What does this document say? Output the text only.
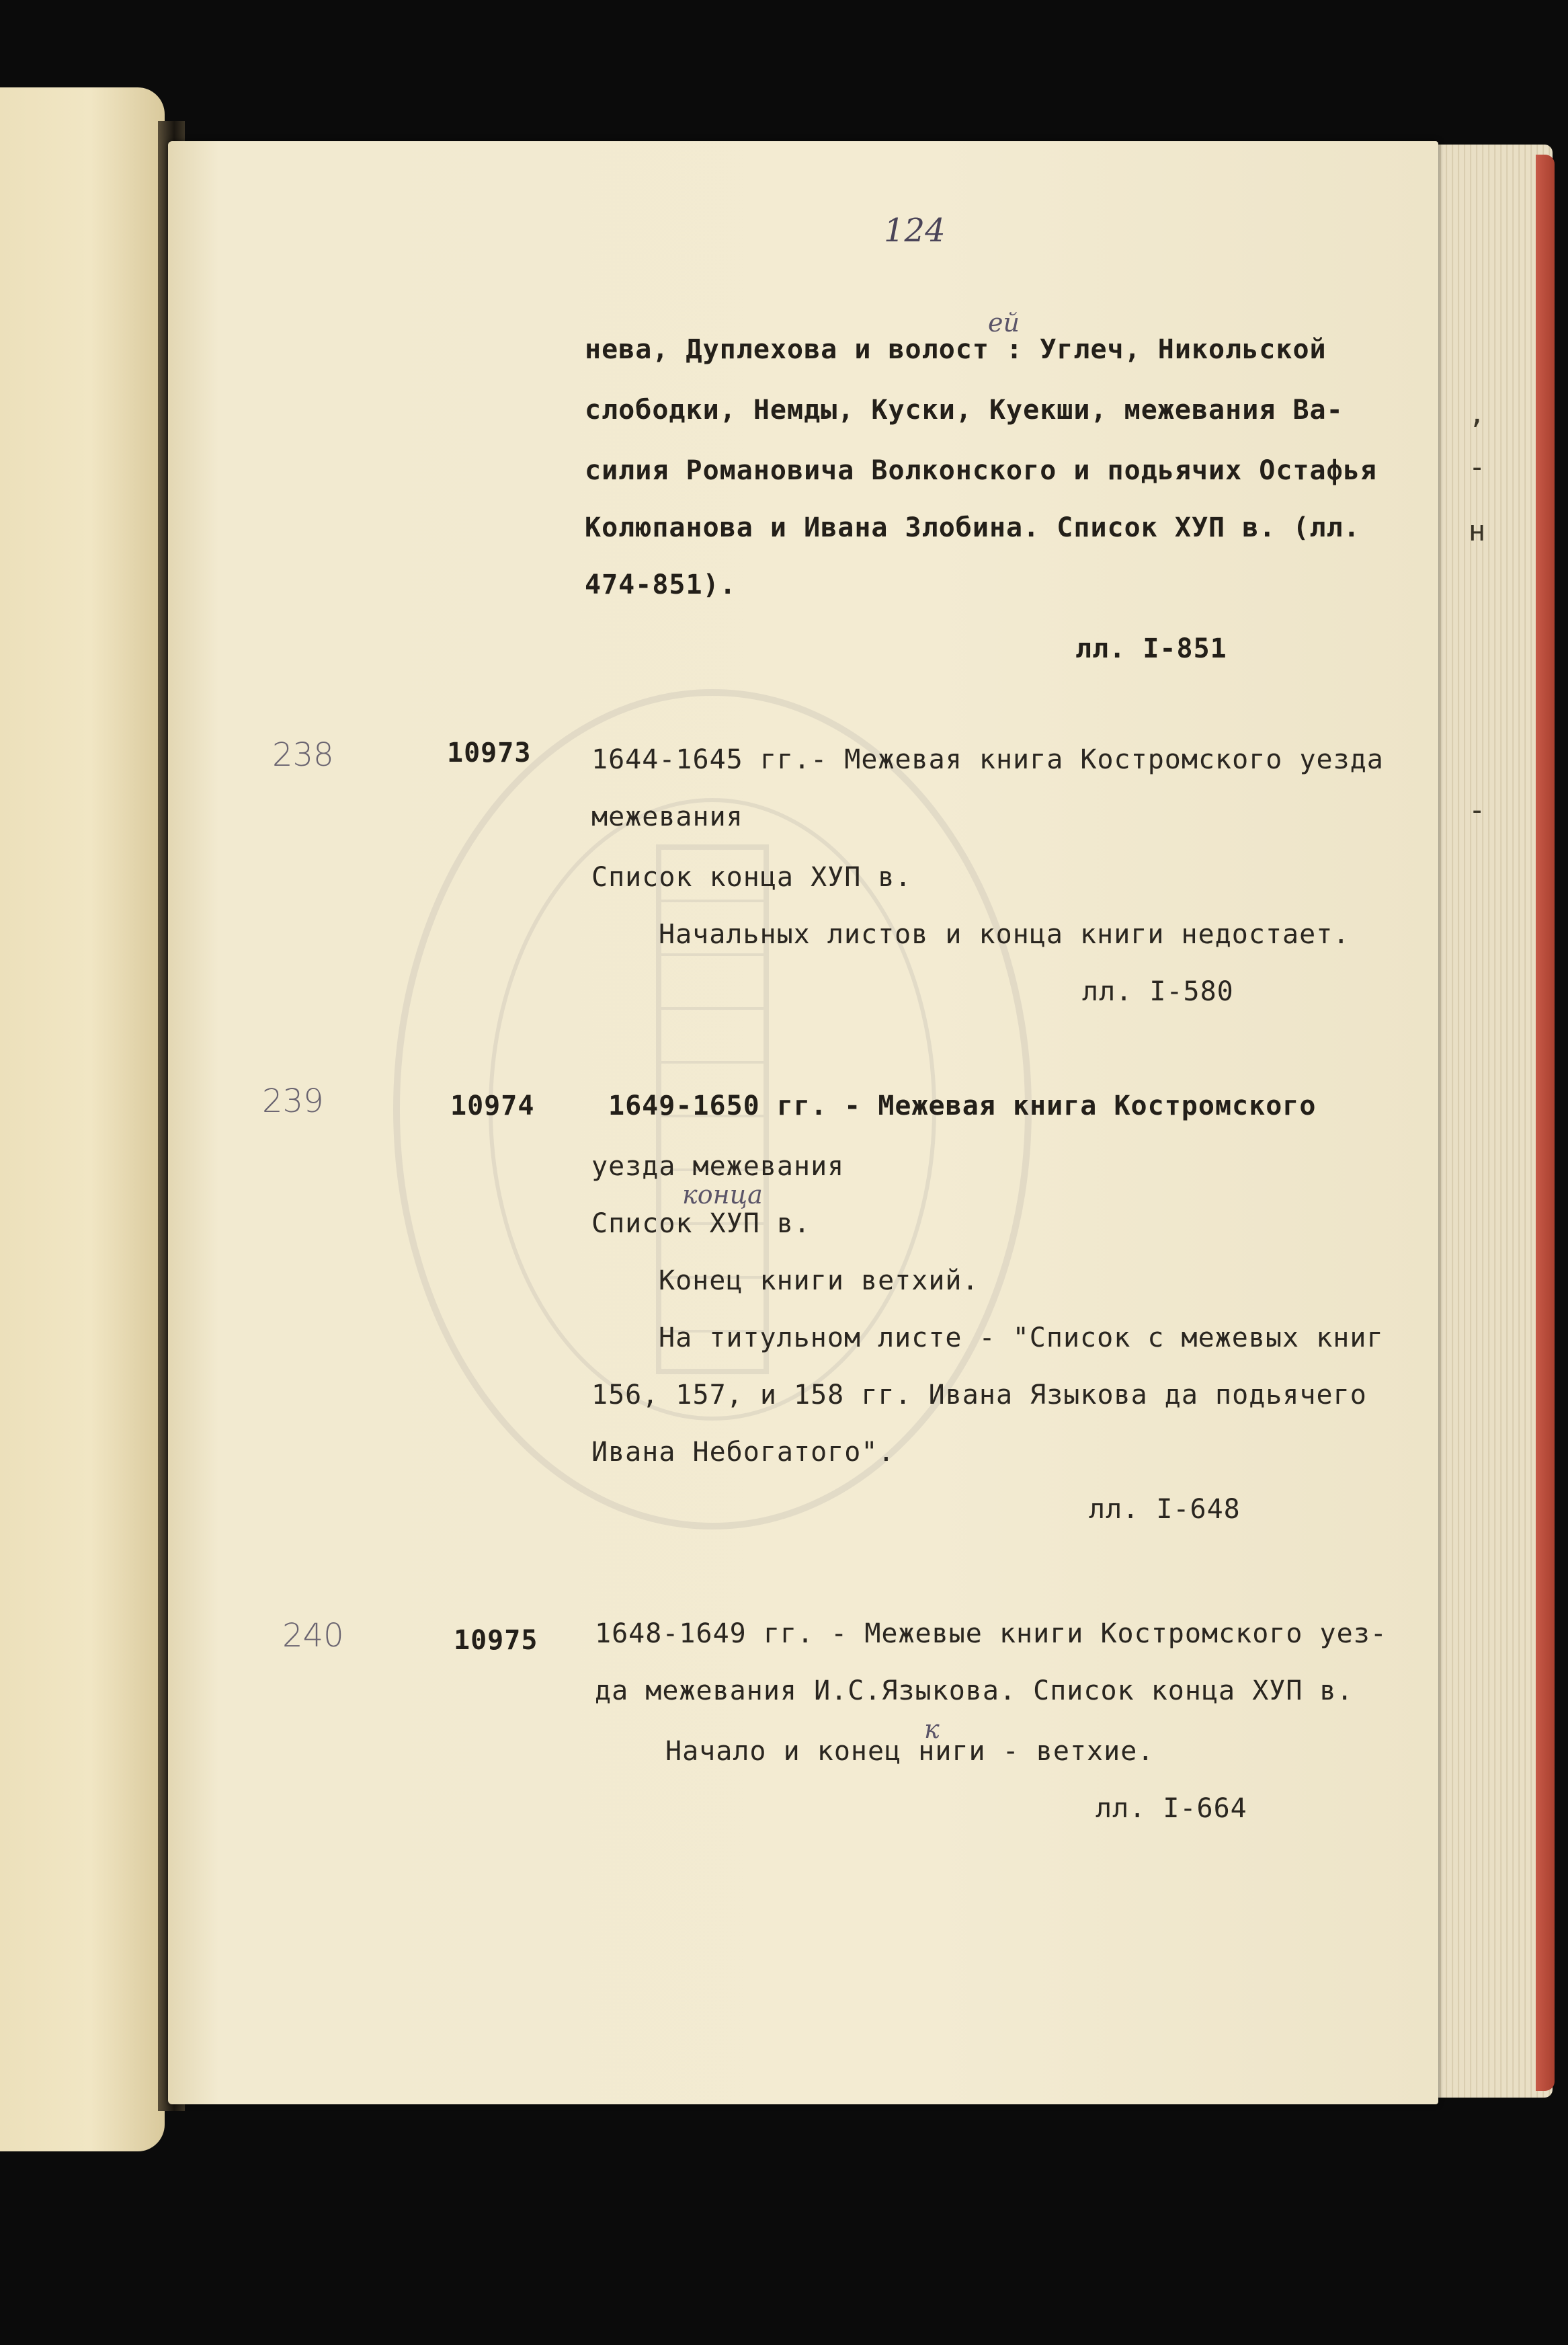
,
-
н
-
124
нева, Дуплехова и волост : Углеч, Никольской
ей
слободки, Немды, Куски, Куекши, межевания Ва-
силия Романовича Волконского и подьячих Остафья
Колюпанова и Ивана Злобина. Список ХУП в. (лл.
474-851).
лл. I-851
238	10973 1644-1645 гг.- Межевая книга Костромского уезда
межевания
Список конца ХУП в.
Начальных листов и конца книги недостает.
лл. I-580
239	10974	1649-1650 гг. - Межевая книга Костромского
уезда межевания
конца
Список ХУП в.
Конец книги ветхий.
На титульном листе - "Список с межевых книг
156, 157, и 158 гг. Ивана Языкова да подьячего
Ивана Небогатого".
лл. I-648
240	10975 1648-1649 гг. - Межевые книги Костромского уез-
да межевания И.С.Языкова. Список конца ХУП в.
Начало и конец ниги - ветхие.
к
лл. I-664
